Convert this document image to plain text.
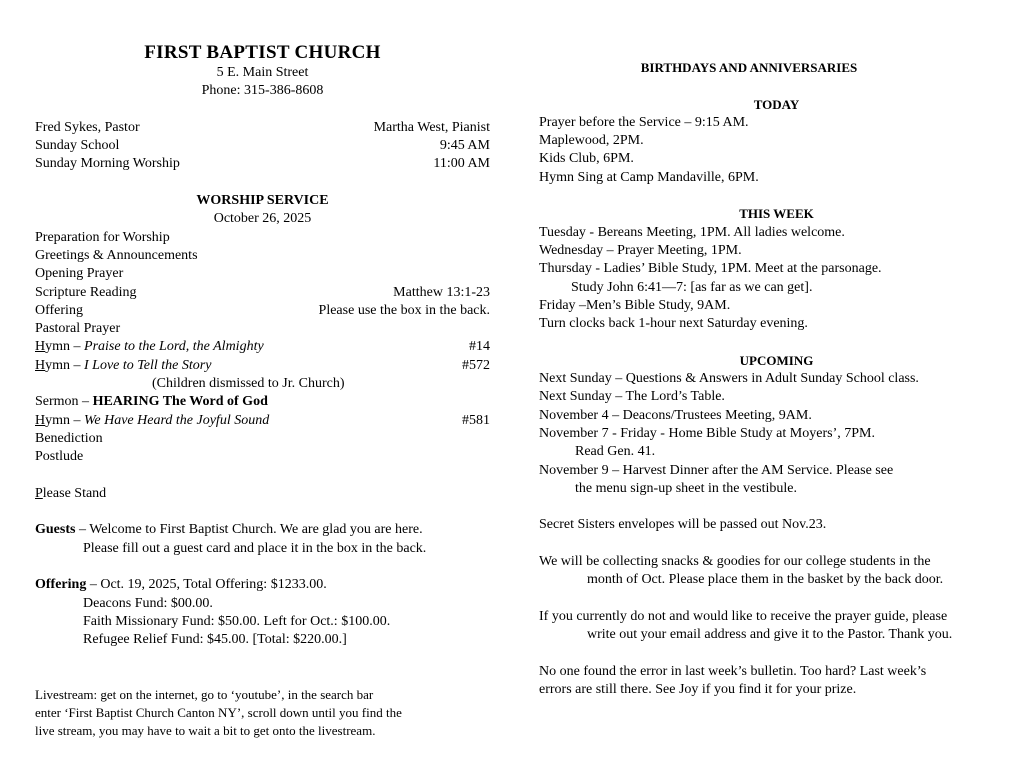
FIRST BAPTIST CHURCH
5 E. Main Street
Phone: 315-386-8608
Fred Sykes, Pastor	Martha West, Pianist
Sunday School	9:45 AM
Sunday Morning Worship	11:00 AM
WORSHIP SERVICE
October 26, 2025
Preparation for Worship
Greetings & Announcements
Opening Prayer
Scripture Reading	Matthew 13:1-23
Offering	Please use the box in the back.
Pastoral Prayer
Hymn – Praise to the Lord, the Almighty	#14
Hymn – I Love to Tell the Story	#572
(Children dismissed to Jr. Church)
Sermon – HEARING The Word of God
Hymn – We Have Heard the Joyful Sound	#581
Benediction
Postlude
Please Stand
Guests – Welcome to First Baptist Church. We are glad you are here.
Please fill out a guest card and place it in the box in the back.
Offering – Oct. 19, 2025, Total Offering: $1233.00.
Deacons Fund: $00.00.
Faith Missionary Fund: $50.00. Left for Oct.: $100.00.
Refugee Relief Fund: $45.00. [Total: $220.00.]
Livestream: get on the internet, go to ‘youtube’, in the search bar
enter ‘First Baptist Church Canton NY’, scroll down until you find the
live stream, you may have to wait a bit to get onto the livestream.
BIRTHDAYS AND ANNIVERSARIES
TODAY
Prayer before the Service – 9:15 AM.
Maplewood, 2PM.
Kids Club, 6PM.
Hymn Sing at Camp Mandaville, 6PM.
THIS WEEK
Tuesday - Bereans Meeting, 1PM. All ladies welcome.
Wednesday – Prayer Meeting, 1PM.
Thursday - Ladies’ Bible Study, 1PM. Meet at the parsonage.
Study John 6:41—7: [as far as we can get].
Friday –Men’s Bible Study, 9AM.
Turn clocks back 1-hour next Saturday evening.
UPCOMING
Next Sunday – Questions & Answers in Adult Sunday School class.
Next Sunday – The Lord’s Table.
November 4 – Deacons/Trustees Meeting, 9AM.
November 7 - Friday - Home Bible Study at Moyers’, 7PM.
Read Gen. 41.
November 9 – Harvest Dinner after the AM Service. Please see
the menu sign-up sheet in the vestibule.
Secret Sisters envelopes will be passed out Nov.23.
We will be collecting snacks & goodies for our college students in the
month of Oct. Please place them in the basket by the back door.
If you currently do not and would like to receive the prayer guide, please
write out your email address and give it to the Pastor. Thank you.
No one found the error in last week’s bulletin. Too hard? Last week’s
errors are still there. See Joy if you find it for your prize.
